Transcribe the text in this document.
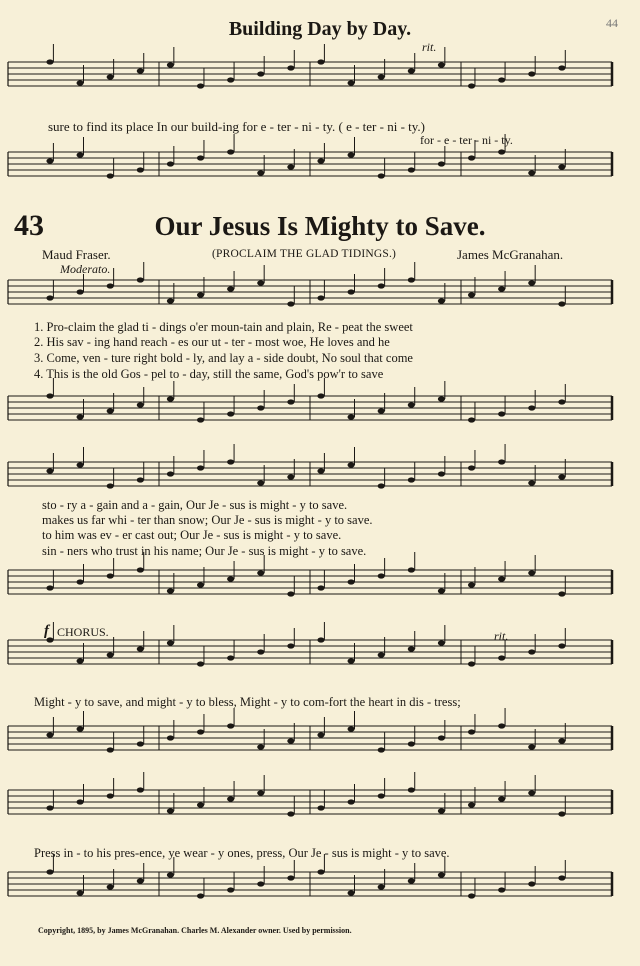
Building Day by Day.	44
rit.
sure to find its place In our build-ing for e - ter - ni - ty. ( e - ter - ni - ty.)
for - e - ter - ni - ty.
43	Our Jesus Is Mighty to Save.
Maud Fraser.	(PROCLAIM THE GLAD TIDINGS.)	James McGranahan.
Moderato.
1. Pro-claim the glad ti - dings o'er moun-tain and plain, Re - peat the sweet
2. His sav - ing hand reach - es our ut - ter - most woe, He loves and he
3. Come, ven - ture right bold - ly, and lay a - side doubt, No soul that come
4. This is the old Gos - pel to - day, still the same, God's pow'r to save
sto - ry a - gain and a - gain, Our Je - sus is might - y to save.
makes us far whi - ter than snow; Our Je - sus is might - y to save.
to him was ev - er cast out; Our Je - sus is might - y to save.
sin - ners who trust in his name; Our Je - sus is might - y to save.
f CHORUS.	rit.
Might - y to save, and might - y to bless, Might - y to com-fort the heart in dis - tress;
Press in - to his pres-ence, ye wear - y ones, press, Our Je - sus is might - y to save.
Copyright, 1895, by James McGranahan. Charles M. Alexander owner. Used by permission.
